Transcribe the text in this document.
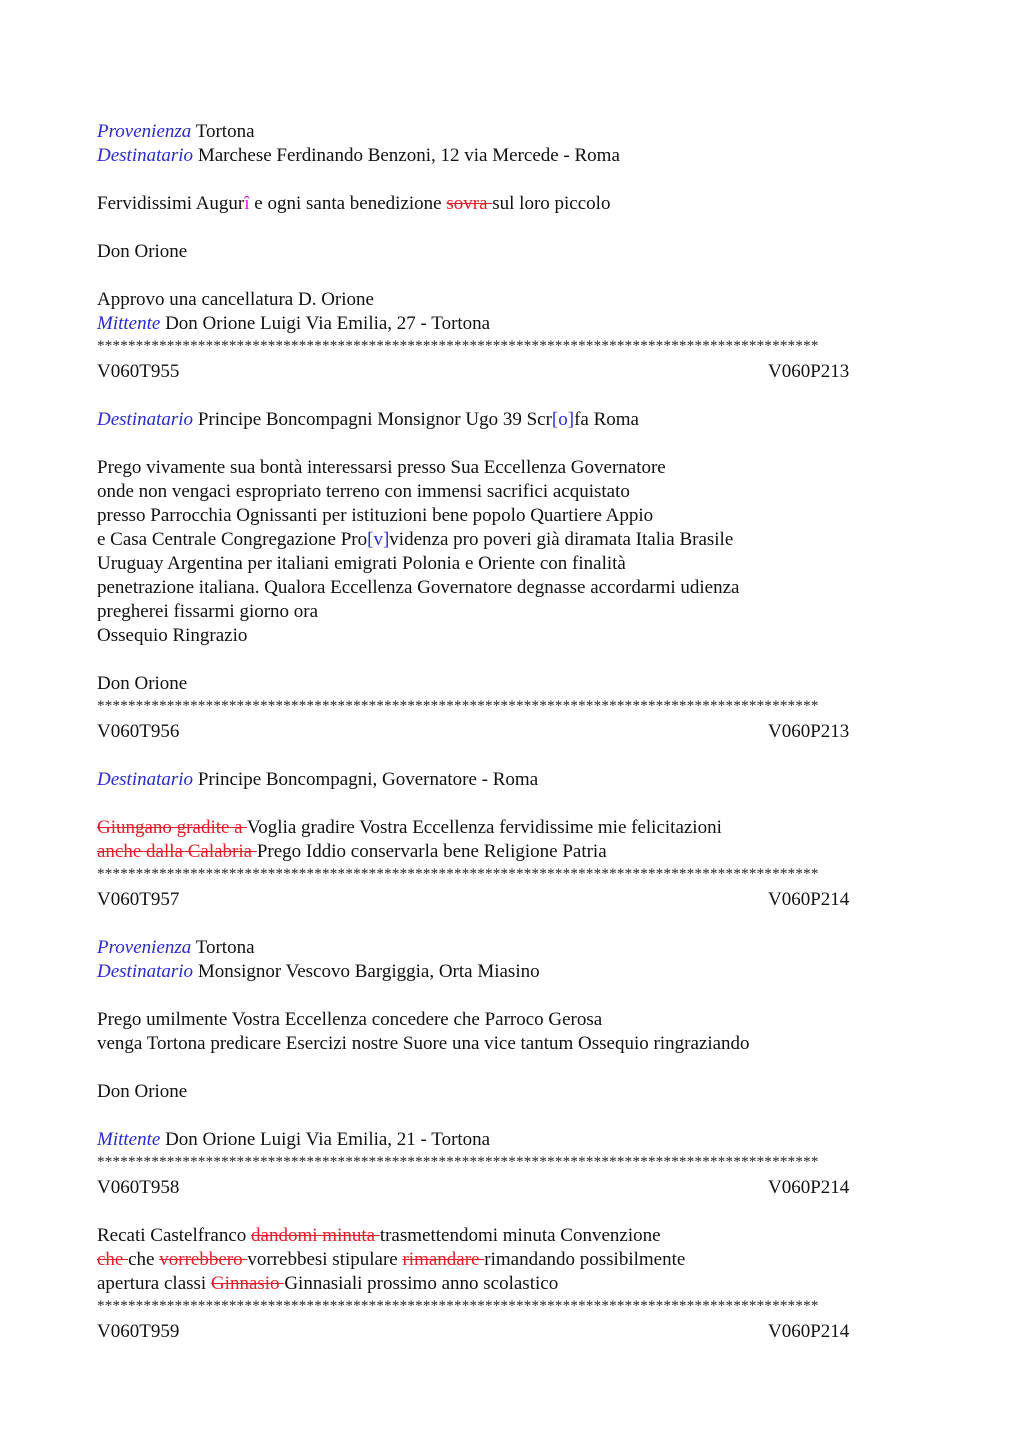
Provenienza Tortona
Destinatario Marchese Ferdinando Benzoni, 12 via Mercede - Roma
Fervidissimi Augurî e ogni santa benedizione sovra sul loro piccolo
Don Orione
Approvo una cancellatura D. Orione
Mittente Don Orione Luigi Via Emilia, 27 - Tortona
*********************************************************************************************
V060T955	V060P213
Destinatario Principe Boncompagni Monsignor Ugo 39 Scr[o]fa Roma
Prego vivamente sua bontà interessarsi presso Sua Eccellenza Governatore
onde non vengaci espropriato terreno con immensi sacrifici acquistato
presso Parrocchia Ognissanti per istituzioni bene popolo Quartiere Appio
e Casa Centrale Congregazione Pro[v]videnza pro poveri già diramata Italia Brasile
Uruguay Argentina per italiani emigrati Polonia e Oriente con finalità
penetrazione italiana. Qualora Eccellenza Governatore degnasse accordarmi udienza
pregherei fissarmi giorno ora
Ossequio Ringrazio
Don Orione
*********************************************************************************************
V060T956	V060P213
Destinatario Principe Boncompagni, Governatore - Roma
Giungano gradite a Voglia gradire Vostra Eccellenza fervidissime mie felicitazioni
anche dalla Calabria Prego Iddio conservarla bene Religione Patria
*********************************************************************************************
V060T957	V060P214
Provenienza Tortona
Destinatario Monsignor Vescovo Bargiggia, Orta Miasino
Prego umilmente Vostra Eccellenza concedere che Parroco Gerosa
venga Tortona predicare Esercizi nostre Suore una vice tantum Ossequio ringraziando
Don Orione
Mittente Don Orione Luigi Via Emilia, 21 - Tortona
*********************************************************************************************
V060T958	V060P214
Recati Castelfranco dandomi minuta trasmettendomi minuta Convenzione
che che vorrebbero vorrebbesi stipulare rimandare rimandando possibilmente
apertura classi Ginnasio Ginnasiali prossimo anno scolastico
*********************************************************************************************
V060T959	V060P214
